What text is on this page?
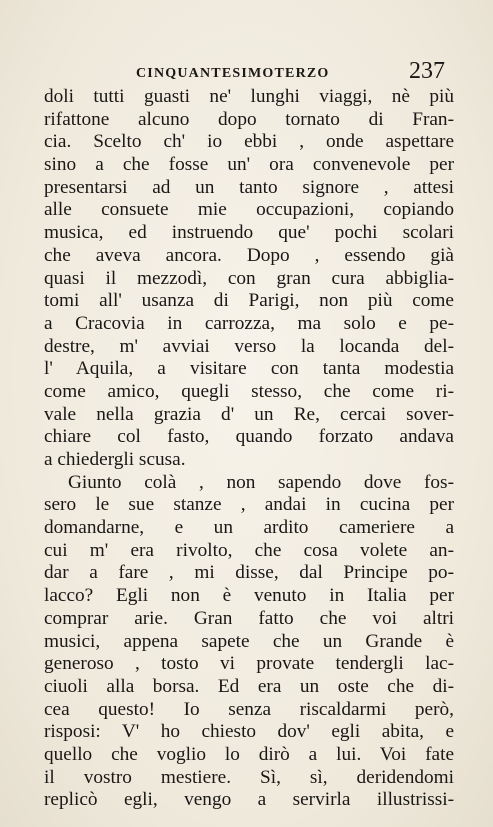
CINQUANTESIMOTERZO	237
doli tutti guasti ne' lunghi viaggi, nè più
rifattone alcuno dopo tornato di Fran-
cia. Scelto ch' io ebbi , onde aspettare
sino a che fosse un' ora convenevole per
presentarsi ad un tanto signore , attesi
alle consuete mie occupazioni, copiando
musica, ed instruendo que' pochi scolari
che aveva ancora. Dopo , essendo già
quasi il mezzodì, con gran cura abbiglia-
tomi all' usanza di Parigi, non più come
a Cracovia in carrozza, ma solo e pe-
destre, m' avviai verso la locanda del-
l' Aquila, a visitare con tanta modestia
come amico, quegli stesso, che come ri-
vale nella grazia d' un Re, cercai sover-
chiare col fasto, quando forzato andava
a chiedergli scusa.
Giunto colà , non sapendo dove fos-
sero le sue stanze , andai in cucina per
domandarne, e un ardito cameriere a
cui m' era rivolto, che cosa volete an-
dar a fare , mi disse, dal Principe po-
lacco? Egli non è venuto in Italia per
comprar arie. Gran fatto che voi altri
musici, appena sapete che un Grande è
generoso , tosto vi provate tendergli lac-
ciuoli alla borsa. Ed era un oste che di-
cea questo! Io senza riscaldarmi però,
risposi: V' ho chiesto dov' egli abita, e
quello che voglio lo dirò a lui. Voi fate
il vostro mestiere. Sì, sì, deridendomi
replicò egli, vengo a servirla illustrissi-
